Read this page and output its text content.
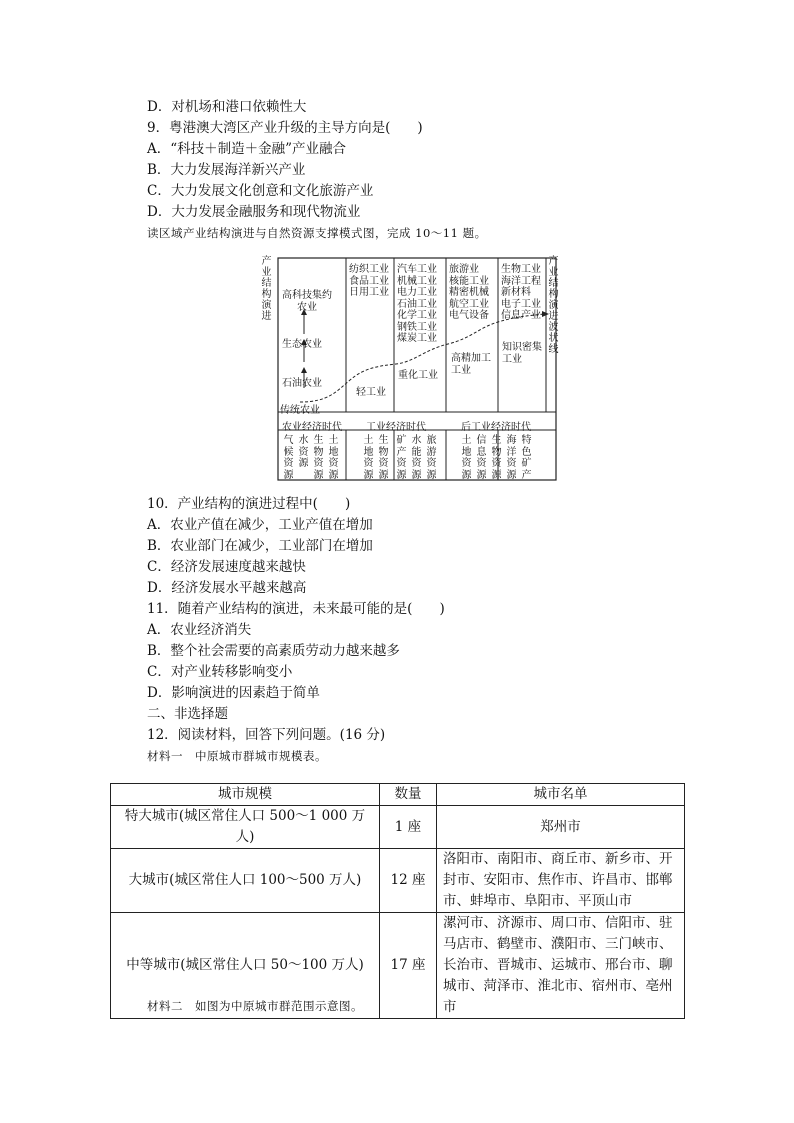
D．对机场和港口依赖性大
9．粤港澳大湾区产业升级的主导方向是(　　)
A．“科技＋制造＋金融”产业融合
B．大力发展海洋新兴产业
C．大力发展文化创意和文化旅游产业
D．大力发展金融服务和现代物流业
读区域产业结构演进与自然资源支撑模式图，完成 10～11 题。
产业结构演进
产业结构演进波状线
高科技集约农业
生态农业
石油农业
传统农业
纺织工业
食品工业
日用工业
汽车工业
机械工业
电力工业
石油工业
化学工业
钢铁工业
煤炭工业
旅游业
核能工业
精密机械
航空工业
电气设备
生物工业
海洋工程
新材料
电子工业
信息产业
轻工业
重化工业
高精加工
工业
知识密集
工业
农业经济时代	工业经济时代	后工业经济时代
气候资源
水资源
生物资源
土地资源
土地资源
生物资源
矿产资源
水能资源
旅游资源
土地资源
信息资源
生物资源
海洋资源
特色矿产
10．产业结构的演进过程中(　　)
A．农业产值在减少，工业产值在增加
B．农业部门在减少，工业部门在增加
C．经济发展速度越来越快
D．经济发展水平越来越高
11．随着产业结构的演进，未来最可能的是(　　)
A．农业经济消失
B．整个社会需要的高素质劳动力越来越多
C．对产业转移影响变小
D．影响演进的因素趋于简单
二、非选择题
12．阅读材料，回答下列问题。(16 分)
材料一　中原城市群城市规模表。
城市规模	数量	城市名单
特大城市(城区常住人口 500～1 000 万人)	1 座	郑州市
大城市(城区常住人口 100～500 万人)	12 座	洛阳市、南阳市、商丘市、新乡市、开封市、安阳市、焦作市、许昌市、邯郸市、蚌埠市、阜阳市、平顶山市
中等城市(城区常住人口 50～100 万人)	17 座	漯河市、济源市、周口市、信阳市、驻马店市、鹤壁市、濮阳市、三门峡市、长治市、晋城市、运城市、邢台市、聊城市、菏泽市、淮北市、宿州市、亳州市
材料二　如图为中原城市群范围示意图。
